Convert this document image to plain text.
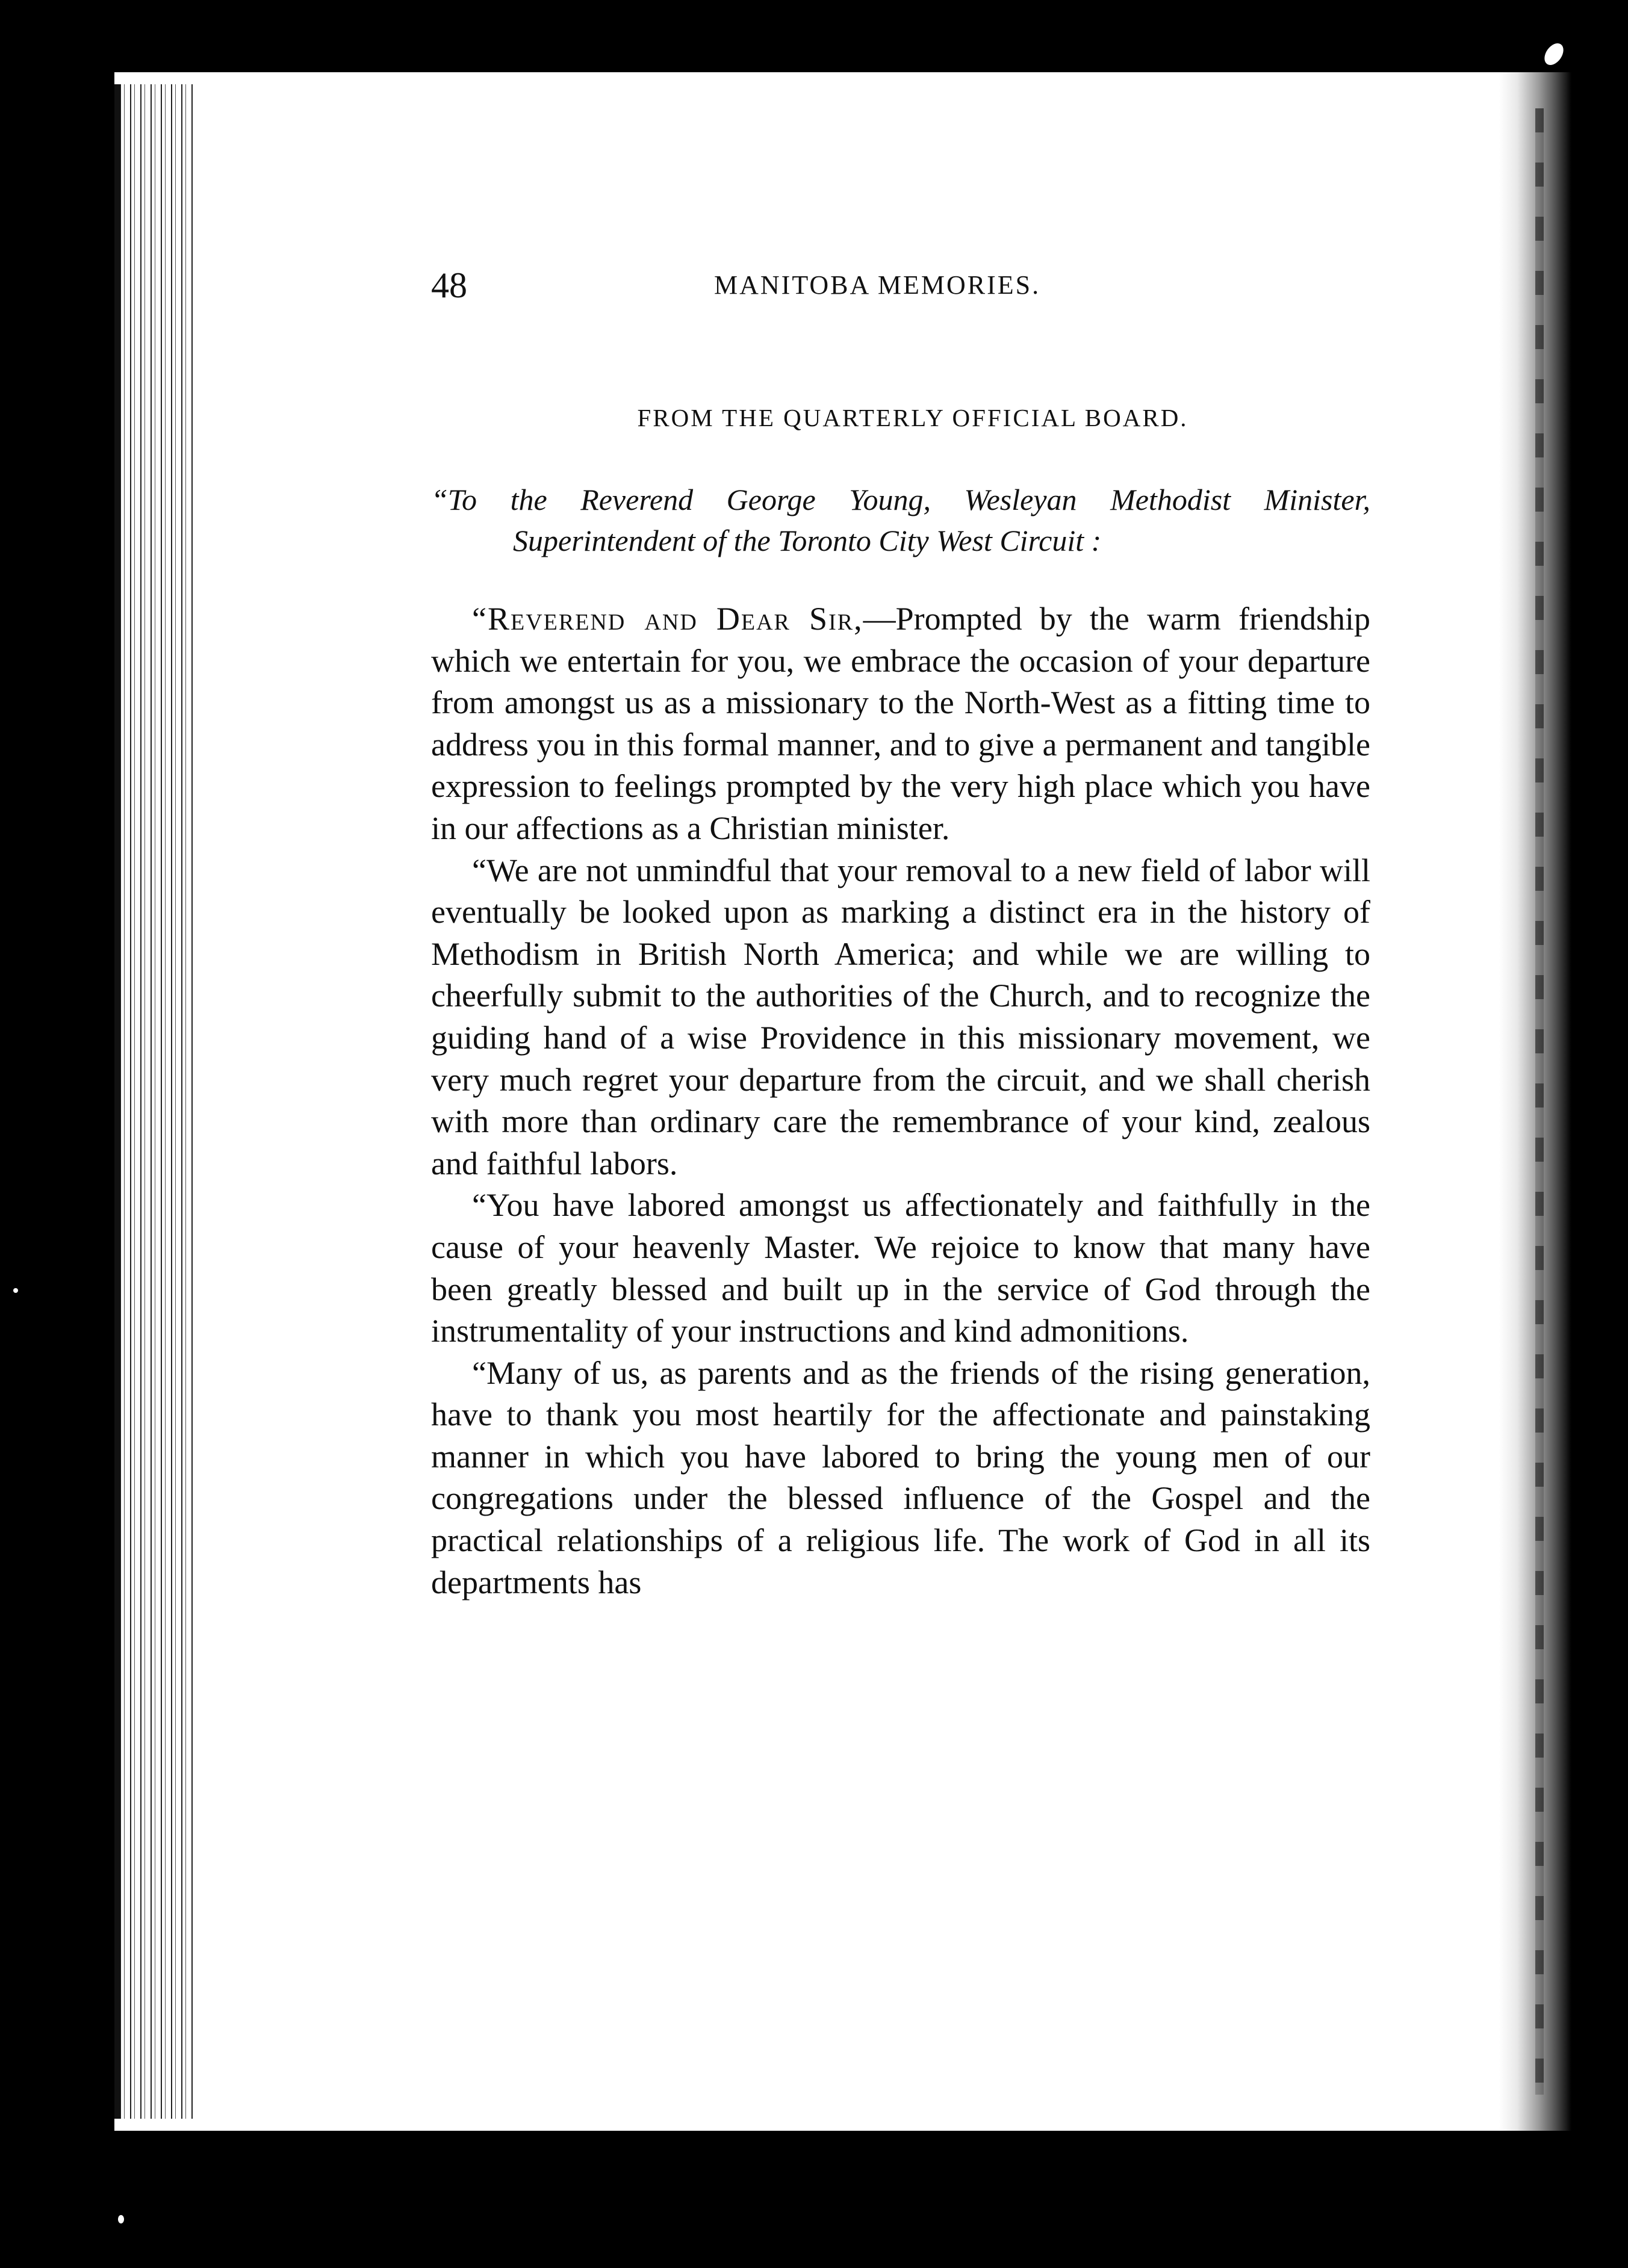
48	MANITOBA MEMORIES.
FROM THE QUARTERLY OFFICIAL BOARD.
“To the Reverend George Young, Wesleyan Methodist Minister, Superintendent of the Toronto City West Circuit :

“Reverend and Dear Sir,—Prompted by the warm friendship which we entertain for you, we embrace the occasion of your departure from amongst us as a missionary to the North-West as a fitting time to address you in this formal manner, and to give a permanent and tangible expression to feelings prompted by the very high place which you have in our affections as a Christian minister.

“We are not unmindful that your removal to a new field of labor will eventually be looked upon as marking a distinct era in the history of Methodism in British North America; and while we are willing to cheerfully submit to the authorities of the Church, and to recognize the guiding hand of a wise Providence in this missionary movement, we very much regret your departure from the circuit, and we shall cherish with more than ordinary care the remembrance of your kind, zealous and faithful labors.

“You have labored amongst us affectionately and faithfully in the cause of your heavenly Master. We rejoice to know that many have been greatly blessed and built up in the service of God through the instrumentality of your instructions and kind admonitions.

“Many of us, as parents and as the friends of the rising generation, have to thank you most heartily for the affectionate and painstaking manner in which you have labored to bring the young men of our congregations under the blessed influence of the Gospel and the practical relationships of a religious life. The work of God in all its departments has
